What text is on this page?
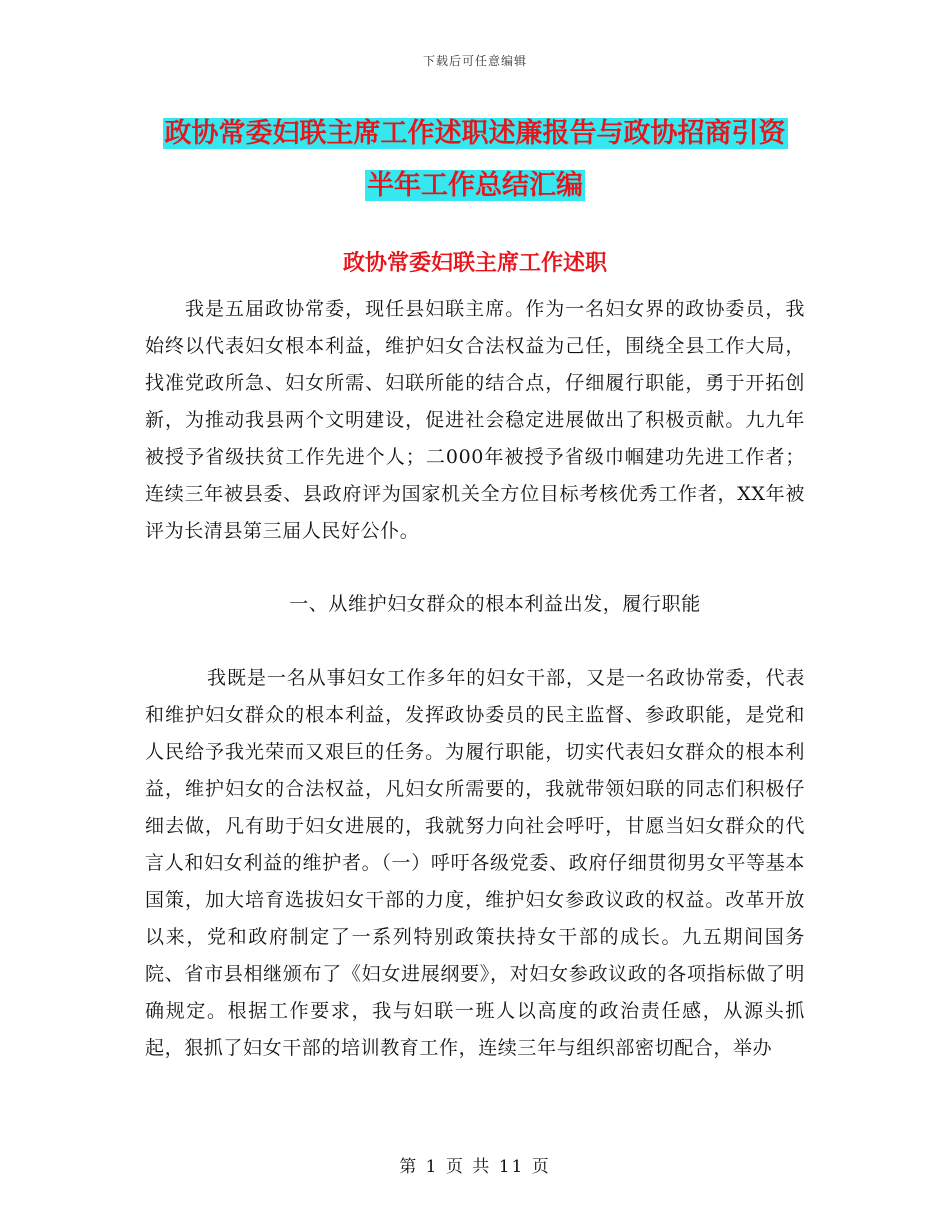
下载后可任意编辑
政协常委妇联主席工作述职述廉报告与政协招商引资
半年工作总结汇编
政协常委妇联主席工作述职

我是五届政协常委，现任县妇联主席。作为一名妇女界的政协委员，我始终以代表妇女根本利益，维护妇女合法权益为己任，围绕全县工作大局，找准党政所急、妇女所需、妇联所能的结合点，仔细履行职能，勇于开拓创新，为推动我县两个文明建设，促进社会稳定进展做出了积极贡献。九九年被授予省级扶贫工作先进个人；二000年被授予省级巾帼建功先进工作者；连续三年被县委、县政府评为国家机关全方位目标考核优秀工作者，XX年被评为长清县第三届人民好公仆。

一、从维护妇女群众的根本利益出发，履行职能

我既是一名从事妇女工作多年的妇女干部，又是一名政协常委，代表和维护妇女群众的根本利益，发挥政协委员的民主监督、参政职能，是党和人民给予我光荣而又艰巨的任务。为履行职能，切实代表妇女群众的根本利益，维护妇女的合法权益，凡妇女所需要的，我就带领妇联的同志们积极仔细去做，凡有助于妇女进展的，我就努力向社会呼吁，甘愿当妇女群众的代言人和妇女利益的维护者。（一）呼吁各级党委、政府仔细贯彻男女平等基本国策，加大培育选拔妇女干部的力度，维护妇女参政议政的权益。改革开放以来，党和政府制定了一系列特别政策扶持女干部的成长。九五期间国务院、省市县相继颁布了《妇女进展纲要》，对妇女参政议政的各项指标做了明确规定。根据工作要求，我与妇联一班人以高度的政治责任感，从源头抓起，狠抓了妇女干部的培训教育工作，连续三年与组织部密切配合，举办

第 1 页 共 11 页
